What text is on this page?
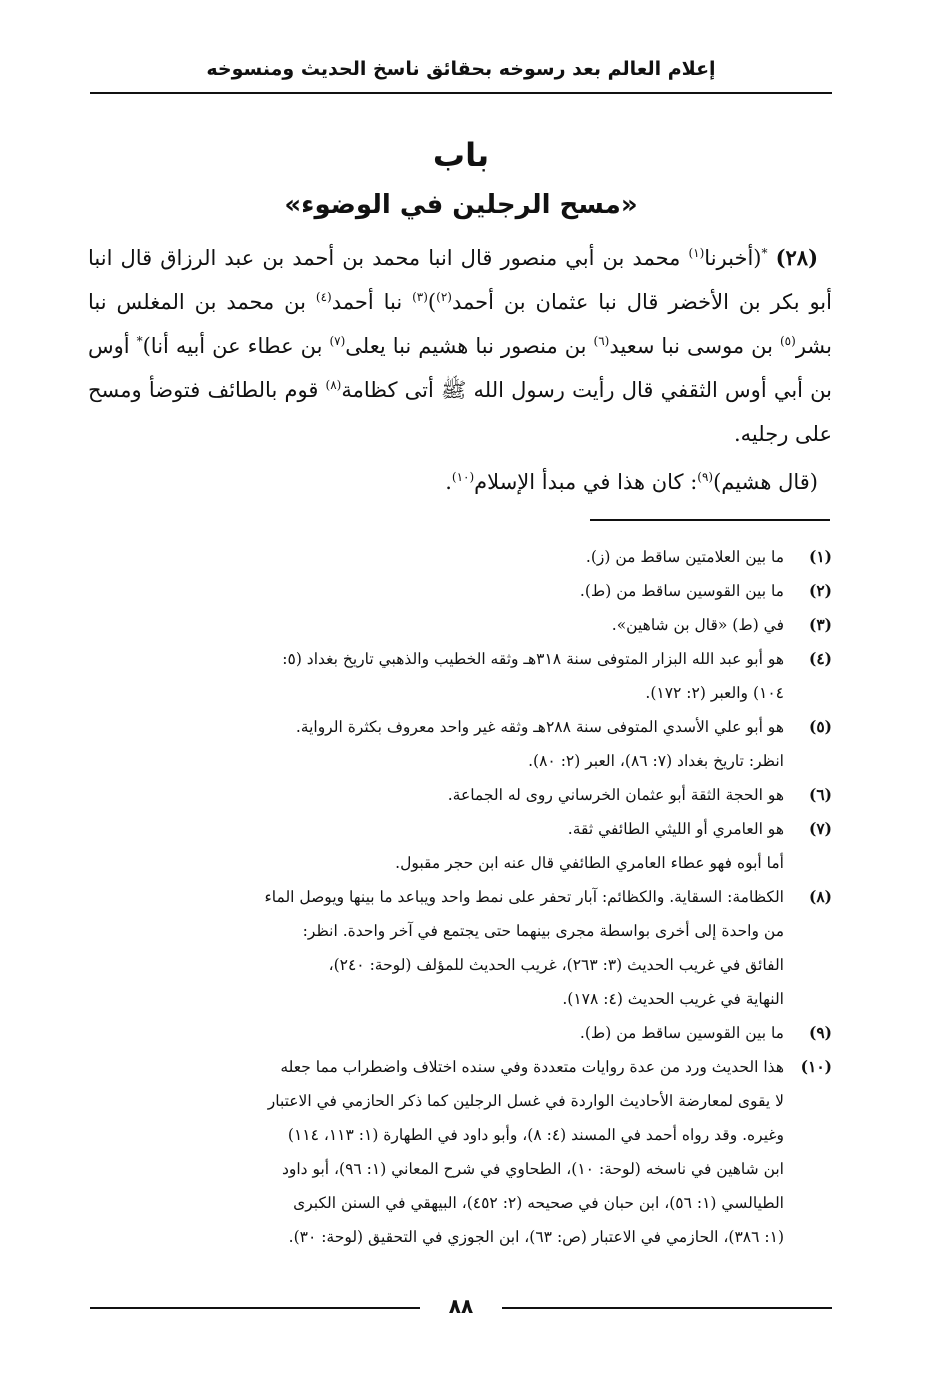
إعلام العالم بعد رسوخه بحقائق ناسخ الحديث ومنسوخه
باب
«مسح الرجلين في الوضوء»

(٢٨) *(أخبرنا$^{(١)}$ محمد بن أبي منصور قال انبا محمد بن أحمد بن عبد الرزاق قال انبا أبو بكر بن الأخضر قال نبا عثمان بن أحمد$^{(٢)}$)$^{(٣)}$ نبا أحمد$^{(٤)}$ بن محمد بن المغلس نبا بشر$^{(٥)}$ بن موسى نبا سعيد$^{(٦)}$ بن منصور نبا هشيم نبا يعلى$^{(٧)}$ بن عطاء عن أبيه أنا)* أوس بن أبي أوس الثقفي قال رأيت رسول الله ﷺ أتى كظامة$^{(٨)}$ قوم بالطائف فتوضأ ومسح على رجليه.

(قال هشيم)$^{(٩)}$: كان هذا في مبدأ الإسلام$^{(١٠)}$.

(١)
ما بين العلامتين ساقط من (ز).
(٢)
ما بين القوسين ساقط من (ط).
(٣)
في (ط) «قال بن شاهين».
(٤)
هو أبو عبد الله البزار المتوفى سنة ٣١٨هـ وثقه الخطيب والذهبي تاريخ بغداد (٥:
١٠٤) والعبر (٢: ١٧٢).
(٥)
هو أبو علي الأسدي المتوفى سنة ٢٨٨هـ وثقه غير واحد معروف بكثرة الرواية.
انظر: تاريخ بغداد (٧: ٨٦)، العبر (٢: ٨٠).
(٦)
هو الحجة الثقة أبو عثمان الخرساني روى له الجماعة.
(٧)
هو العامري أو الليثي الطائفي ثقة.
أما أبوه فهو عطاء العامري الطائفي قال عنه ابن حجر مقبول.
(٨)
الكظامة: السقاية. والكظائم: آبار تحفر على نمط واحد ويباعد ما بينها ويوصل الماء
من واحدة إلى أخرى بواسطة مجرى بينهما حتى يجتمع في آخر واحدة. انظر:
الفائق في غريب الحديث (٣: ٢٦٣)، غريب الحديث للمؤلف (لوحة: ٢٤٠)،
النهاية في غريب الحديث (٤: ١٧٨).
(٩)
ما بين القوسين ساقط من (ط).
(١٠)
هذا الحديث ورد من عدة روايات متعددة وفي سنده اختلاف واضطراب مما جعله
لا يقوى لمعارضة الأحاديث الواردة في غسل الرجلين كما ذكر الحازمي في الاعتبار
وغيره. وقد رواه أحمد في المسند (٤: ٨)، وأبو داود في الطهارة (١: ١١٣، ١١٤)
ابن شاهين في ناسخه (لوحة: ١٠)، الطحاوي في شرح المعاني (١: ٩٦)، أبو داود
الطيالسي (١: ٥٦)، ابن حبان في صحيحه (٢: ٤٥٢)، البيهقي في السنن الكبرى
(١: ٣٨٦)، الحازمي في الاعتبار (ص: ٦٣)، ابن الجوزي في التحقيق (لوحة: ٣٠).
٨٨
